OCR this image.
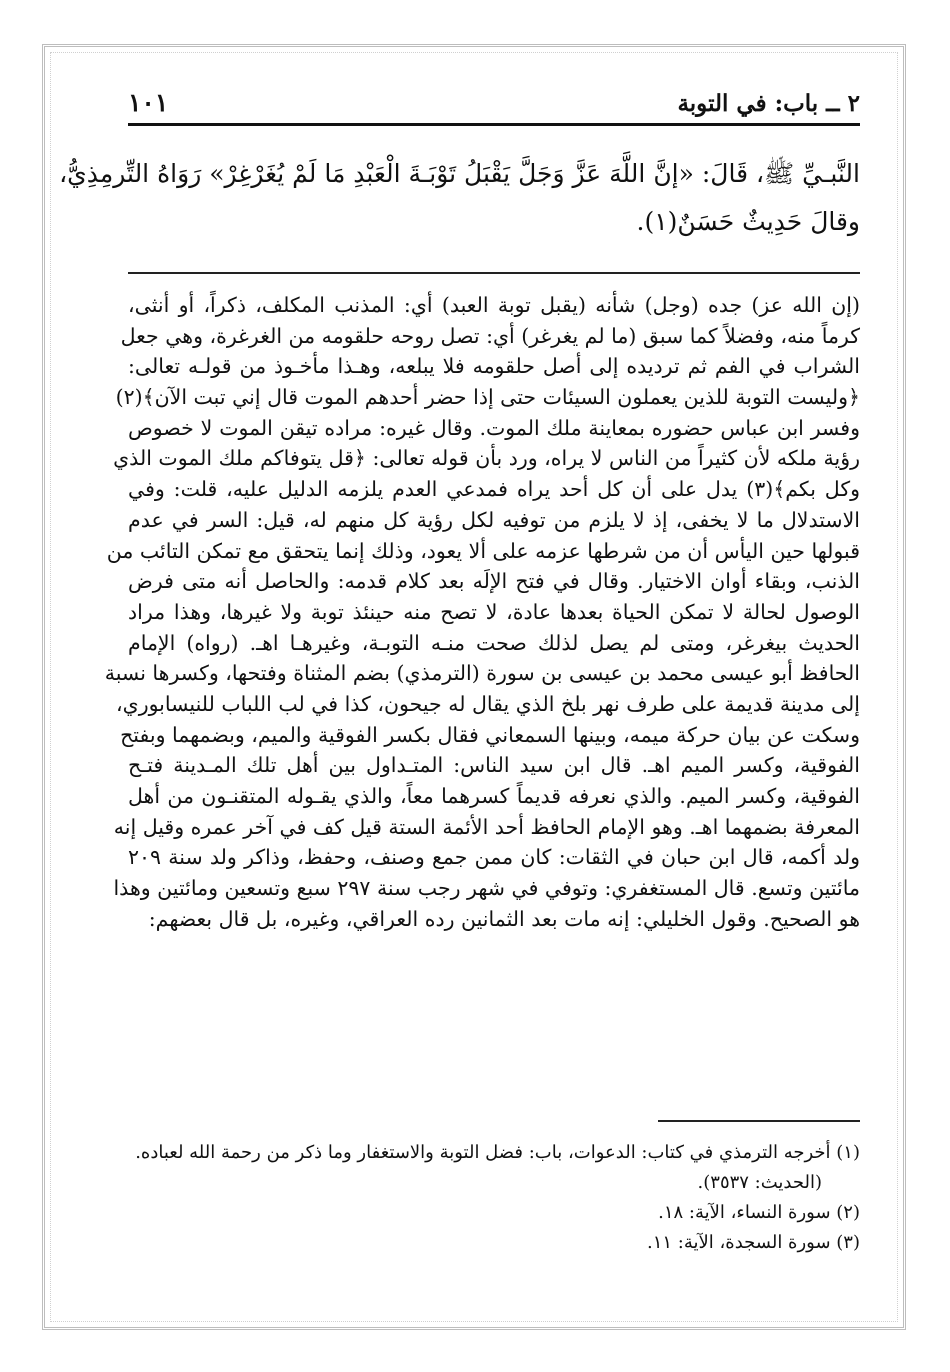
٢ ــ باب: في التوبة
١٠١
النَّبـيِّ ﷺ، قَالَ: «إنَّ اللَّهَ عَزَّ وَجَلَّ يَقْبَلُ تَوْبَـةَ الْعَبْدِ مَا لَمْ يُغَرْغِرْ» رَوَاهُ التِّرمِذِيُّ،
وقالَ حَدِيثٌ حَسَنٌ(١).
(إن الله عز) جده (وجل) شأنه (يقبل توبة العبد) أي: المذنب المكلف، ذكراً، أو أنثى،
كرماً منه، وفضلاً كما سبق (ما لم يغرغر) أي: تصل روحه حلقومه من الغرغرة، وهي جعل
الشراب في الفم ثم ترديده إلى أصل حلقومه فلا يبلعه، وهـذا مأخـوذ من قولـه تعالى:
﴿وليست التوبة للذين يعملون السيئات حتى إذا حضر أحدهم الموت قال إني تبت الآن﴾(٢)
وفسر ابن عباس حضوره بمعاينة ملك الموت. وقال غيره: مراده تيقن الموت لا خصوص
رؤية ملكه لأن كثيراً من الناس لا يراه، ورد بأن قوله تعالى: ﴿قل يتوفاكم ملك الموت الذي
وكل بكم﴾(٣) يدل على أن كل أحد يراه فمدعي العدم يلزمه الدليل عليه، قلت: وفي
الاستدلال ما لا يخفى، إذ لا يلزم من توفيه لكل رؤية كل منهم له، قيل: السر في عدم
قبولها حين اليأس أن من شرطها عزمه على ألا يعود، وذلك إنما يتحقق مع تمكن التائب من
الذنب، وبقاء أوان الاختيار. وقال في فتح الإلَه بعد كلام قدمه: والحاصل أنه متى فرض
الوصول لحالة لا تمكن الحياة بعدها عادة، لا تصح منه حينئذ توبة ولا غيرها، وهذا مراد
الحديث بيغرغر، ومتى لم يصل لذلك صحت منـه التوبـة، وغيرهـا اهـ. (رواه) الإمام
الحافظ أبو عيسى محمد بن عيسى بن سورة (الترمذي) بضم المثناة وفتحها، وكسرها نسبة
إلى مدينة قديمة على طرف نهر بلخ الذي يقال له جيحون، كذا في لب اللباب للنيسابوري،
وسكت عن بيان حركة ميمه، وبينها السمعاني فقال بكسر الفوقية والميم، وبضمهما وبفتح
الفوقية، وكسر الميم اهـ. قال ابن سيد الناس: المتـداول بين أهل تلك المـدينة فتـح
الفوقية، وكسر الميم. والذي نعرفه قديماً كسرهما معاً، والذي يقـوله المتقنـون من أهل
المعرفة بضمهما اهـ. وهو الإمام الحافظ أحد الأئمة الستة قيل كف في آخر عمره وقيل إنه
ولد أكمه، قال ابن حبان في الثقات: كان ممن جمع وصنف، وحفظ، وذاكر ولد سنة ٢٠٩
مائتين وتسع. قال المستغفري: وتوفي في شهر رجب سنة ٢٩٧ سبع وتسعين ومائتين وهذا
هو الصحيح. وقول الخليلي: إنه مات بعد الثمانين رده العراقي، وغيره، بل قال بعضهم:
(١) أخرجه الترمذي في كتاب: الدعوات، باب: فضل التوبة والاستغفار وما ذكر من رحمة الله لعباده.
(الحديث: ٣٥٣٧).
(٢) سورة النساء، الآية: ١٨.
(٣) سورة السجدة، الآية: ١١.
